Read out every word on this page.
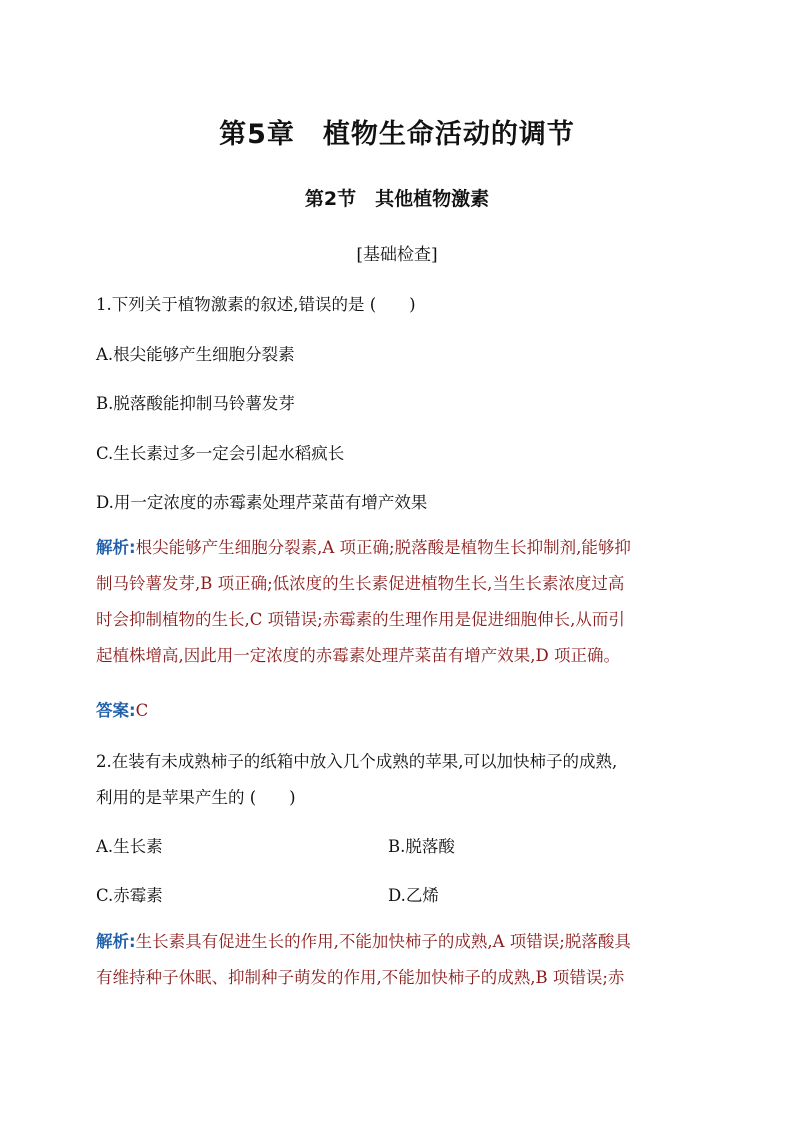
第5章　植物生命活动的调节
第2节　其他植物激素
[基础检查]
1.下列关于植物激素的叙述,错误的是 (　　)
A.根尖能够产生细胞分裂素
B.脱落酸能抑制马铃薯发芽
C.生长素过多一定会引起水稻疯长
D.用一定浓度的赤霉素处理芹菜苗有增产效果
解析:根尖能够产生细胞分裂素,A 项正确;脱落酸是植物生长抑制剂,能够抑
制马铃薯发芽,B 项正确;低浓度的生长素促进植物生长,当生长素浓度过高
时会抑制植物的生长,C 项错误;赤霉素的生理作用是促进细胞伸长,从而引
起植株增高,因此用一定浓度的赤霉素处理芹菜苗有增产效果,D 项正确。
答案:C
2.在装有未成熟柿子的纸箱中放入几个成熟的苹果,可以加快柿子的成熟,
利用的是苹果产生的 (　　)
A.生长素	B.脱落酸
C.赤霉素	D.乙烯
解析:生长素具有促进生长的作用,不能加快柿子的成熟,A 项错误;脱落酸具
有维持种子休眠、抑制种子萌发的作用,不能加快柿子的成熟,B 项错误;赤
